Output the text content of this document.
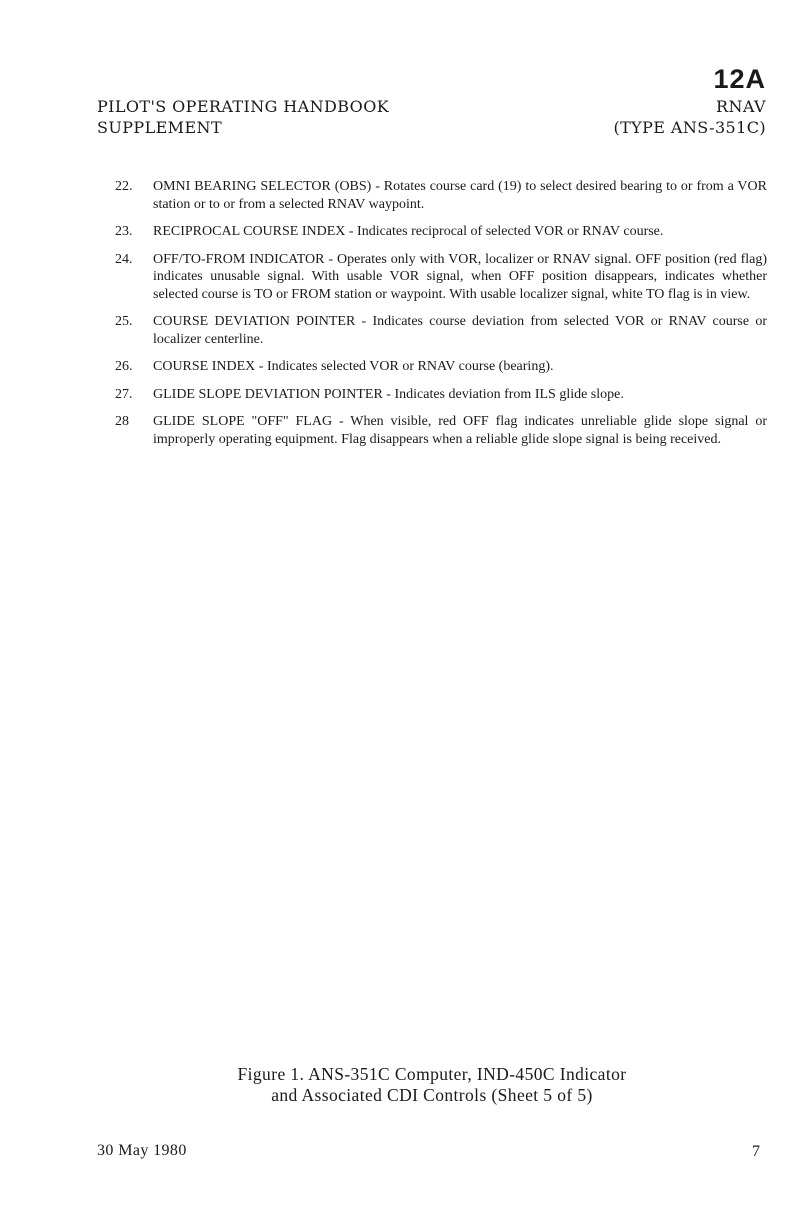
12A
PILOT'S OPERATING HANDBOOK
SUPPLEMENT
RNAV
(TYPE ANS-351C)
22.	OMNI BEARING SELECTOR (OBS) - Rotates course card (19) to select desired bearing to or from a VOR station or to or from a selected RNAV waypoint.
23.	RECIPROCAL COURSE INDEX - Indicates reciprocal of selected VOR or RNAV course.
24.	OFF/TO-FROM INDICATOR - Operates only with VOR, localizer or RNAV signal. OFF position (red flag) indicates unusable signal. With usable VOR signal, when OFF position disappears, indicates whether selected course is TO or FROM station or waypoint. With usable localizer signal, white TO flag is in view.
25.	COURSE DEVIATION POINTER - Indicates course deviation from selected VOR or RNAV course or localizer centerline.
26.	COURSE INDEX - Indicates selected VOR or RNAV course (bearing).
27.	GLIDE SLOPE DEVIATION POINTER - Indicates deviation from ILS glide slope.
28	GLIDE SLOPE "OFF" FLAG - When visible, red OFF flag indicates unreliable glide slope signal or improperly operating equipment. Flag disappears when a reliable glide slope signal is being received.
Figure 1. ANS-351C Computer, IND-450C Indicator
and Associated CDI Controls (Sheet 5 of 5)
30 May 1980	7
